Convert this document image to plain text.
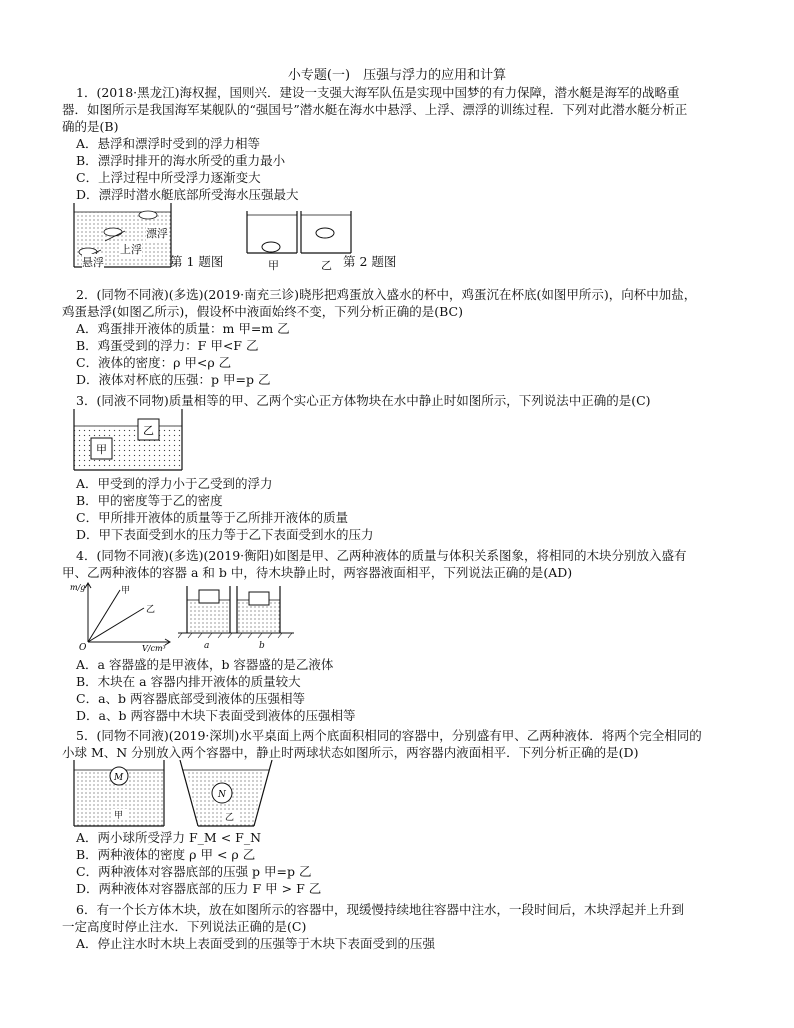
小专题(一)　压强与浮力的应用和计算
1．(2018·黑龙江)海权握，国则兴．建设一支强大海军队伍是实现中国梦的有力保障，潜水艇是海军的战略重
器．如图所示是我国海军某舰队的“强国号”潜水艇在海水中悬浮、上浮、漂浮的训练过程．下列对此潜水艇分析正
确的是(B)
A．悬浮和漂浮时受到的浮力相等
B．漂浮时排开的海水所受的重力最小
C．上浮过程中所受浮力逐渐变大
D．漂浮时潜水艇底部所受海水压强最大
漂浮
上浮
悬浮	第 1 题图	甲	乙 第 2 题图
2．(同物不同液)(多选)(2019·南充三诊)晓彤把鸡蛋放入盛水的杯中，鸡蛋沉在杯底(如图甲所示)，向杯中加盐，
鸡蛋悬浮(如图乙所示)，假设杯中液面始终不变，下列分析正确的是(BC)
A．鸡蛋排开液体的质量：m 甲=m 乙
B．鸡蛋受到的浮力：F 甲<F 乙
C．液体的密度：ρ 甲<ρ 乙
D．液体对杯底的压强：p 甲=p 乙
3．(同液不同物)质量相等的甲、乙两个实心正方体物块在水中静止时如图所示，下列说法中正确的是(C)
甲
乙
A．甲受到的浮力小于乙受到的浮力
B．甲的密度等于乙的密度
C．甲所排开液体的质量等于乙所排开液体的质量
D．甲下表面受到水的压力等于乙下表面受到水的压力
4．(同物不同液)(多选)(2019·衡阳)如图是甲、乙两种液体的质量与体积关系图象，将相同的木块分别放入盛有
甲、乙两种液体的容器 a 和 b 中，待木块静止时，两容器液面相平，下列说法正确的是(AD)
m/g	甲
乙
O	V/cm³	a	b
A．a 容器盛的是甲液体，b 容器盛的是乙液体
B．木块在 a 容器内排开液体的质量较大
C．a、b 两容器底部受到液体的压强相等
D．a、b 两容器中木块下表面受到液体的压强相等
5．(同物不同液)(2019·深圳)水平桌面上两个底面积相同的容器中，分别盛有甲、乙两种液体．将两个完全相同的
小球 M、N 分别放入两个容器中，静止时两球状态如图所示，两容器内液面相平．下列分析正确的是(D)
M
甲
N
乙
A．两小球所受浮力 F_M < F_N
B．两种液体的密度 ρ 甲 < ρ 乙
C．两种液体对容器底部的压强 p 甲=p 乙
D．两种液体对容器底部的压力 F 甲 > F 乙
6．有一个长方体木块，放在如图所示的容器中，现缓慢持续地往容器中注水，一段时间后，木块浮起并上升到
一定高度时停止注水．下列说法正确的是(C)
A．停止注水时木块上表面受到的压强等于木块下表面受到的压强
